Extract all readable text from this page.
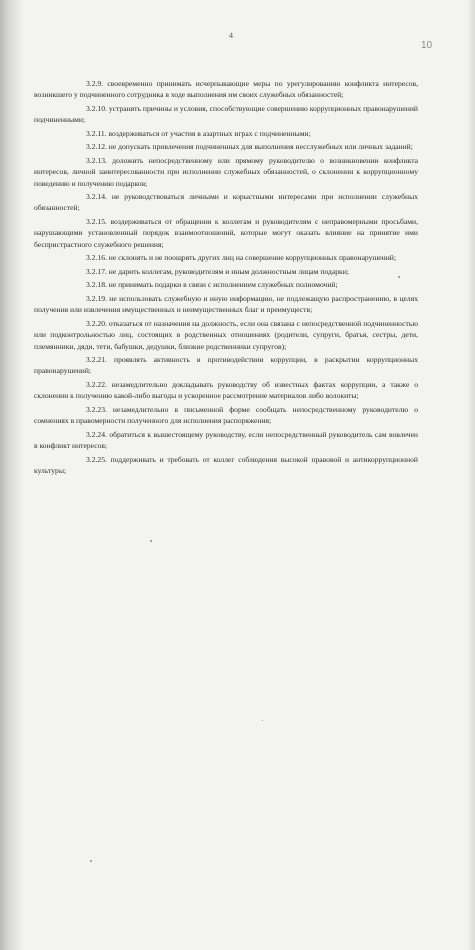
4
10

3.2.9. своевременно принимать исчерпывающие меры по урегулированию конфликта интересов, возникшего у подчиненного сотрудника в ходе выполнения им своих служебных обязанностей;

3.2.10. устранять причины и условия, способствующие совершению коррупционных правонарушений подчиненными;

3.2.11. воздерживаться от участия в азартных играх с подчиненными;

3.2.12. не допускать привлечения подчиненных для выполнения несслужебных или личных заданий;

3.2.13. доложить непосредственному или прямому руководителю о возникновении конфликта интересов, личной заинтересованности при исполнении служебных обязанностей, о склонении к коррупционному поведению и получению подарков;

3.2.14. не руководствоваться личными и корыстными интересами при исполнении служебных обязанностей;

3.2.15. воздерживаться от обращения к коллегам и руководителям с неправомерными просьбами, нарушающими установленный порядок взаимоотношений, которые могут оказать влияние на принятие ими беспристрастного служебного решения;

3.2.16. не склонять и не поощрять других лиц на совершение коррупционных правонарушений;

3.2.17. не дарить коллегам, руководителям и иным должностным лицам подарки;

3.2.18. не принимать подарки в связи с исполнением служебных полномочий;

3.2.19. не использовать служебную и иную информацию, не подлежащую распространению, в целях получения или извлечения имущественных и неимущественных благ и преимуществ;

3.2.20. отказаться от назначения на должность, если она связана с непосредственной подчиненностью или подконтрольностью лиц, состоящих в родственных отношениях (родители, супруги, братья, сестры, дети, племянники, дяди, тети, бабушки, дедушки, близкие родственники супругов);

3.2.21. проявлять активность в противодействии коррупции, в раскрытии коррупционных правонарушений;

3.2.22. незамедлительно докладывать руководству об известных фактах коррупции, а также о склонении к получению какой-либо выгоды и ускоренное рассмотрение материалов либо волокиты;

3.2.23. незамедлительно в письменной форме сообщать непосредственному руководителю о сомнениях в правомерности полученного для исполнения распоряжения;

3.2.24. обратиться к вышестоящему руководству, если непосредственный руководитель сам вовлечен в конфликт интересов;

3.2.25. поддерживать и требовать от коллег соблюдения высокой правовой и антикоррупционной культуры;
